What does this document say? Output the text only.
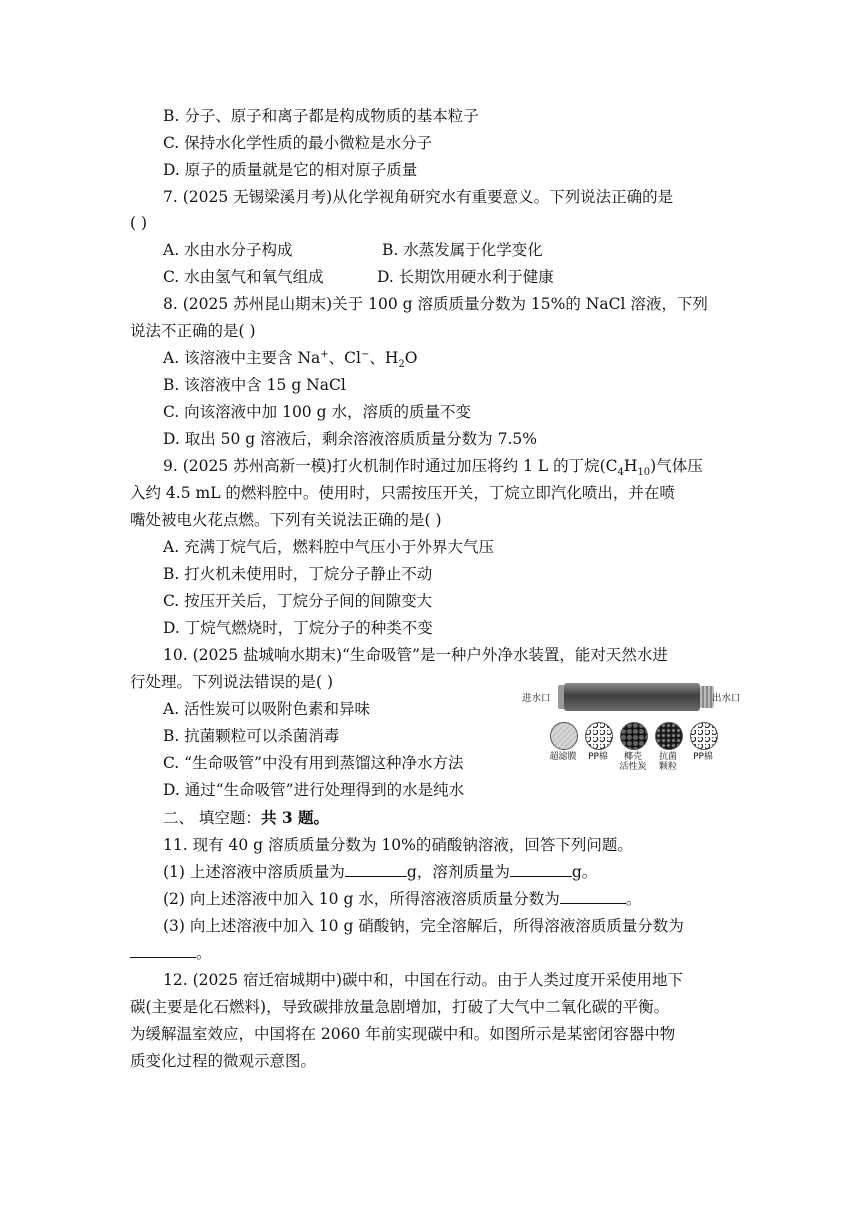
B. 分子、原子和离子都是构成物质的基本粒子
C. 保持水化学性质的最小微粒是水分子
D. 原子的质量就是它的相对原子质量
7. (2025 无锡梁溪月考)从化学视角研究水有重要意义。下列说法正确的是
( )
A. 水由水分子构成	B. 水蒸发属于化学变化
C. 水由氢气和氧气组成	D. 长期饮用硬水利于健康
8. (2025 苏州昆山期末)关于 100 g 溶质质量分数为 15%的 NaCl 溶液，下列
说法不正确的是( )
A. 该溶液中主要含 Na+、Cl−、$H_2O$
B. 该溶液中含 15 g NaCl
C. 向该溶液中加 100 g 水，溶质的质量不变
D. 取出 50 g 溶液后，剩余溶液溶质质量分数为 7.5%
9. (2025 苏州高新一模)打火机制作时通过加压将约 1 L 的丁烷$(C_4H_{10})$气体压
入约 4.5 mL 的燃料腔中。使用时，只需按压开关，丁烷立即汽化喷出，并在喷
嘴处被电火花点燃。下列有关说法正确的是( )
A. 充满丁烷气后，燃料腔中气压小于外界大气压
B. 打火机未使用时，丁烷分子静止不动
C. 按压开关后，丁烷分子间的间隙变大
D. 丁烷气燃烧时，丁烷分子的种类不变
10. (2025 盐城响水期末)“生命吸管”是一种户外净水装置，能对天然水进
行处理。下列说法错误的是( )
A. 活性炭可以吸附色素和异味
B. 抗菌颗粒可以杀菌消毒
C. “生命吸管”中没有用到蒸馏这种净水方法
D. 通过“生命吸管”进行处理得到的水是纯水
进水口	出水口
超滤膜	PP棉	椰壳
活性炭
抗菌
颗粒
PP棉
二、 填空题：共 3 题。
11. 现有 40 g 溶质质量分数为 10%的硝酸钠溶液，回答下列问题。
(1) 上述溶液中溶质质量为	g，溶剂质量为	g。
(2) 向上述溶液中加入 10 g 水，所得溶液溶质质量分数为	。
(3) 向上述溶液中加入 10 g 硝酸钠，完全溶解后，所得溶液溶质质量分数为
。
12. (2025 宿迁宿城期中)碳中和，中国在行动。由于人类过度开采使用地下
碳(主要是化石燃料)，导致碳排放量急剧增加，打破了大气中二氧化碳的平衡。
为缓解温室效应，中国将在 2060 年前实现碳中和。如图所示是某密闭容器中物
质变化过程的微观示意图。
